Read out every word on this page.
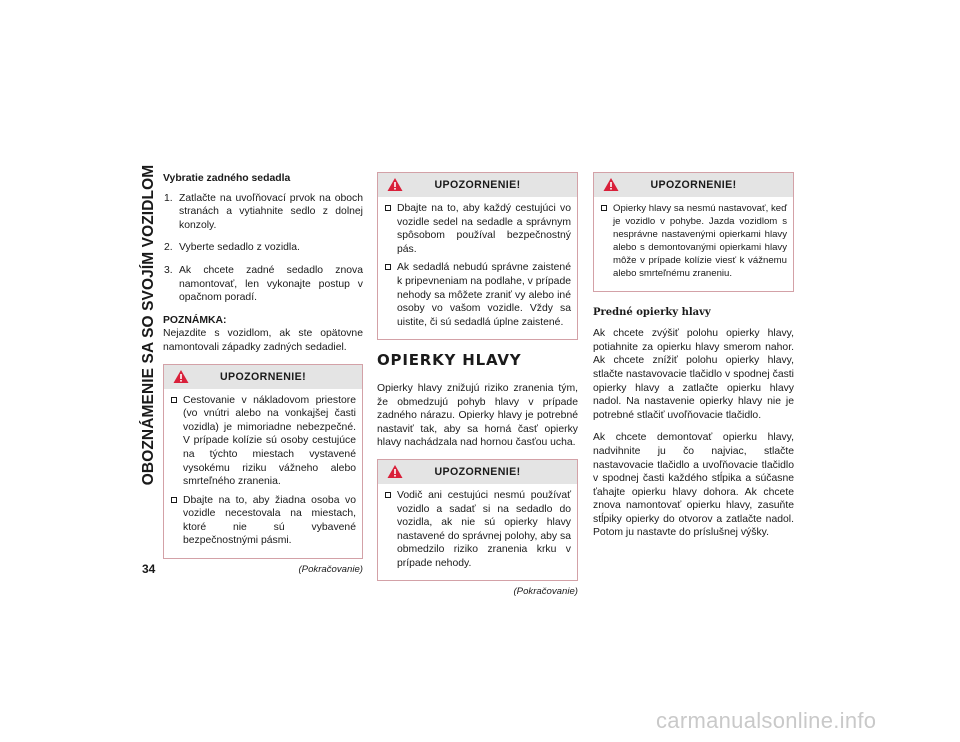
OBOZNÁMENIE SA SO SVOJÍM VOZIDLOM
34
Vybratie zadného sedadla
1. Zatlačte na uvoľňovací prvok na oboch stranách a vytiahnite sedlo z dolnej konzoly.
2. Vyberte sedadlo z vozidla.
3. Ak chcete zadné sedadlo znova namontovať, len vykonajte postup v opačnom poradí.
POZNÁMKA:

Nejazdite s vozidlom, ak ste opätovne namontovali západky zadných sedadiel.

UPOZORNENIE!
Cestovanie v nákladovom priestore (vo vnútri alebo na vonkajšej časti vozidla) je mimoriadne nebezpečné. V prípade kolízie sú osoby cestujúce na týchto miestach vystavené vysokému riziku vážneho alebo smrteľného zranenia.
Dbajte na to, aby žiadna osoba vo vozidle necestovala na miestach, ktoré nie sú vybavené bezpečnostnými pásmi.
(Pokračovanie)
UPOZORNENIE!
Dbajte na to, aby každý cestujúci vo vozidle sedel na sedadle a správnym spôsobom používal bezpečnostný pás.
Ak sedadlá nebudú správne zaistené k pripevneniam na podlahe, v prípade nehody sa môžete zraniť vy alebo iné osoby vo vašom vozidle. Vždy sa uistite, či sú sedadlá úplne zaistené.
OPIERKY HLAVY

Opierky hlavy znižujú riziko zranenia tým, že obmedzujú pohyb hlavy v prípade zadného nárazu. Opierky hlavy je potrebné nastaviť tak, aby sa horná časť opierky hlavy nachádzala nad hornou časťou ucha.

UPOZORNENIE!
Vodič ani cestujúci nesmú používať vozidlo a sadať si na sedadlo do vozidla, ak nie sú opierky hlavy nastavené do správnej polohy, aby sa obmedzilo riziko zranenia krku v prípade nehody.
(Pokračovanie)
UPOZORNENIE!
Opierky hlavy sa nesmú nastavovať, keď je vozidlo v pohybe. Jazda vozidlom s nesprávne nastavenými opierkami hlavy alebo s demontovanými opierkami hlavy môže v prípade kolízie viesť k vážnemu alebo smrteľnému zraneniu.
Predné opierky hlavy

Ak chcete zvýšiť polohu opierky hlavy, potiahnite za opierku hlavy smerom nahor. Ak chcete znížiť polohu opierky hlavy, stlačte nastavovacie tlačidlo v spodnej časti opierky hlavy a zatlačte opierku hlavy nadol. Na nastavenie opierky hlavy nie je potrebné stlačiť uvoľňovacie tlačidlo.

Ak chcete demontovať opierku hlavy, nadvihnite ju čo najviac, stlačte nastavovacie tlačidlo a uvoľňovacie tlačidlo v spodnej časti každého stĺpika a súčasne ťahajte opierku hlavy dohora. Ak chcete znova namontovať opierku hlavy, zasuňte stĺpiky opierky do otvorov a zatlačte nadol. Potom ju nastavte do príslušnej výšky.

carmanualsonline.info
